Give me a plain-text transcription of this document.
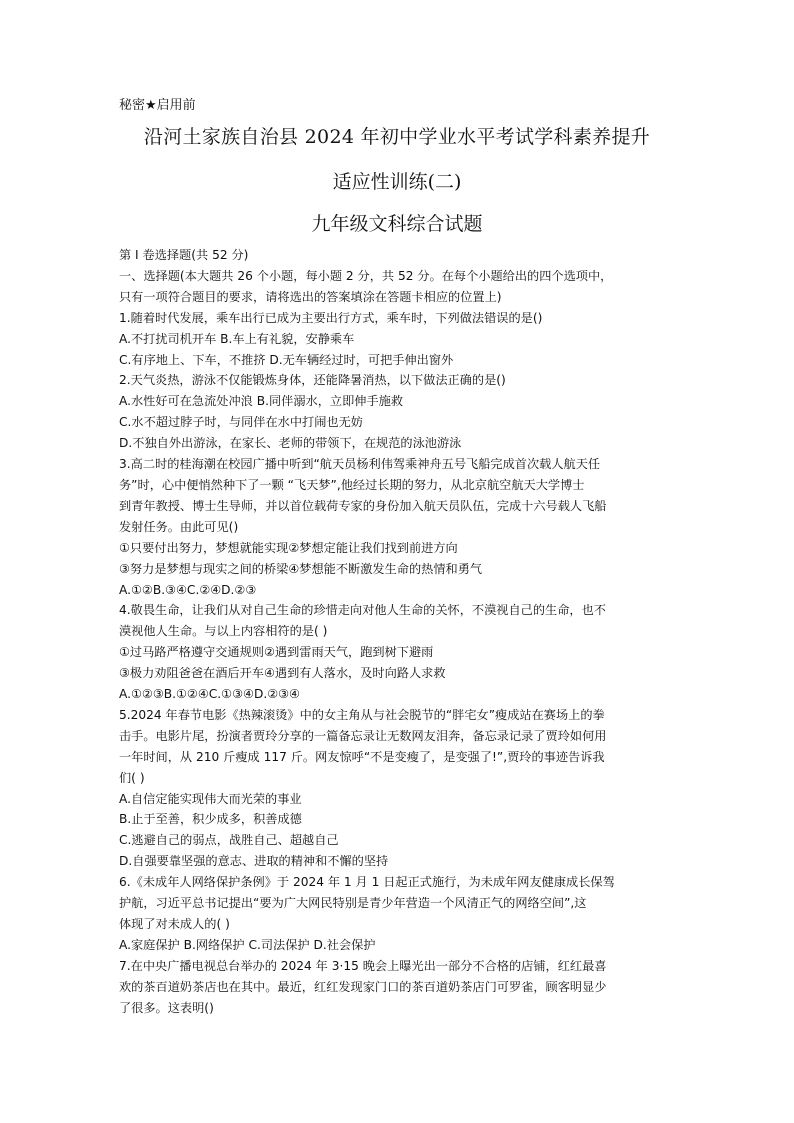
秘密★启用前
沿河土家族自治县 2024 年初中学业水平考试学科素养提升
适应性训练(二)
九年级文科综合试题

第 I 卷选择题(共 52 分)

一、选择题(本大题共 26 个小题，每小题 2 分，共 52 分。在每个小题给出的四个选项中，

只有一项符合题目的要求，请将选出的答案填涂在答题卡相应的位置上)

1.随着时代发展，乘车出行已成为主要出行方式，乘车时，下列做法错误的是()

A.不打扰司机开车 B.车上有礼貌，安静乘车

C.有序地上、下车，不推挤 D.无车辆经过时，可把手伸出窗外

2.天气炎热，游泳不仅能锻炼身体，还能降暑消热，以下做法正确的是()

A.水性好可在急流处冲浪 B.同伴溺水，立即伸手施救

C.水不超过脖子时，与同伴在水中打闹也无妨

D.不独自外出游泳，在家长、老师的带领下，在规范的泳池游泳

3.高二时的桂海潮在校园广播中听到“航天员杨利伟驾乘神舟五号飞船完成首次载人航天任

务”时，心中便悄然种下了一颗 “飞天梦”,他经过长期的努力，从北京航空航天大学博士

到青年教授、博士生导师，并以首位载荷专家的身份加入航天员队伍，完成十六号载人飞船

发射任务。由此可见()

①只要付出努力，梦想就能实现②梦想定能让我们找到前进方向

③努力是梦想与现实之间的桥梁④梦想能不断激发生命的热情和勇气

A.①②B.③④C.②④D.②③

4.敬畏生命，让我们从对自己生命的珍惜走向对他人生命的关怀，不漠视自己的生命，也不

漠视他人生命。与以上内容相符的是( )

①过马路严格遵守交通规则②遇到雷雨天气，跑到树下避雨

③极力劝阻爸爸在酒后开车④遇到有人落水，及时向路人求救

A.①②③B.①②④C.①③④D.②③④

5.2024 年春节电影《热辣滚烫》中的女主角从与社会脱节的“胖宅女”瘦成站在赛场上的拳

击手。电影片尾，扮演者贾玲分享的一篇备忘录让无数网友泪奔，备忘录记录了贾玲如何用

一年时间，从 210 斤瘦成 117 斤。网友惊呼“不是变瘦了，是变强了!”,贾玲的事迹告诉我

们( )

A.自信定能实现伟大而光荣的事业

B.止于至善，积少成多，积善成德

C.逃避自己的弱点，战胜自己、超越自己

D.自强要靠坚强的意志、进取的精神和不懈的坚持

6.《未成年人网络保护条例》于 2024 年 1 月 1 日起正式施行，为未成年网友健康成长保驾

护航，习近平总书记提出“要为广大网民特别是青少年营造一个风清正气的网络空间”,这

体现了对未成人的( )

A.家庭保护 B.网络保护 C.司法保护 D.社会保护

7.在中央广播电视总台举办的 2024 年 3·15 晚会上曝光出一部分不合格的店铺，红红最喜

欢的茶百道奶茶店也在其中。最近，红红发现家门口的茶百道奶茶店门可罗雀，顾客明显少

了很多。这表明()
